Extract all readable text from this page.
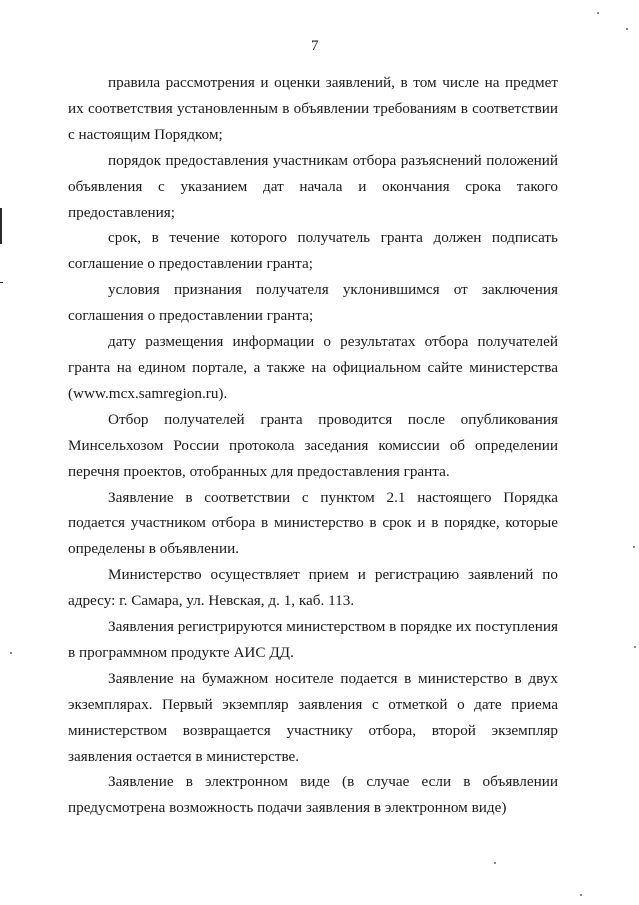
7

правила рассмотрения и оценки заявлений, в том числе на предмет их соответствия установленным в объявлении требованиям в соответствии с настоящим Порядком;

порядок предоставления участникам отбора разъяснений положений объявления с указанием дат начала и окончания срока такого предоставления;

срок, в течение которого получатель гранта должен подписать соглашение о предоставлении гранта;

условия признания получателя уклонившимся от заключения соглашения о предоставлении гранта;

дату размещения информации о результатах отбора получателей гранта на едином портале, а также на официальном сайте министерства (www.mcx.samregion.ru).

Отбор получателей гранта проводится после опубликования Минсельхозом России протокола заседания комиссии об определении перечня проектов, отобранных для предоставления гранта.

Заявление в соответствии с пунктом 2.1 настоящего Порядка подается участником отбора в министерство в срок и в порядке, которые определены в объявлении.

Министерство осуществляет прием и регистрацию заявлений по адресу: г. Самара, ул. Невская, д. 1, каб. 113.

Заявления регистрируются министерством в порядке их поступления в программном продукте АИС ДД.

Заявление на бумажном носителе подается в министерство в двух экземплярах. Первый экземпляр заявления с отметкой о дате приема министерством возвращается участнику отбора, второй экземпляр заявления остается в министерстве.

Заявление в электронном виде (в случае если в объявлении предусмотрена возможность подачи заявления в электронном виде)
